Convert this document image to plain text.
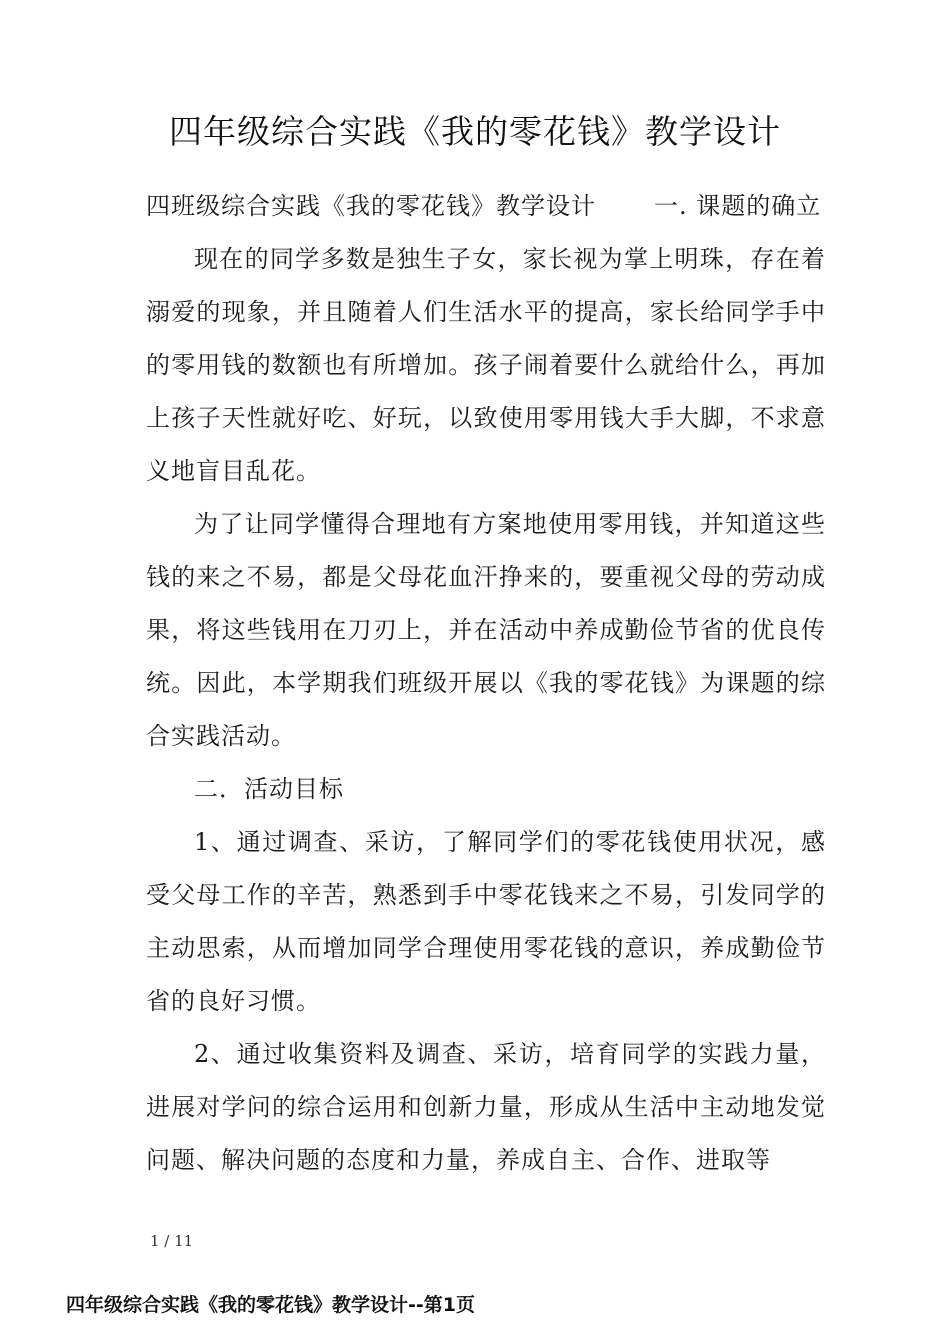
四年级综合实践《我的零花钱》教学设计

四班级综合实践《我的零花钱》教学设计 一. 课题的确立

现在的同学多数是独生子女，家长视为掌上明珠，存在着溺爱的现象，并且随着人们生活水平的提高，家长给同学手中的零用钱的数额也有所增加。孩子闹着要什么就给什么，再加上孩子天性就好吃、好玩，以致使用零用钱大手大脚，不求意义地盲目乱花。

为了让同学懂得合理地有方案地使用零用钱，并知道这些钱的来之不易，都是父母花血汗挣来的，要重视父母的劳动成果，将这些钱用在刀刃上，并在活动中养成勤俭节省的优良传统。因此，本学期我们班级开展以《我的零花钱》为课题的综合实践活动。

二．活动目标

1、通过调查、采访，了解同学们的零花钱使用状况，感受父母工作的辛苦，熟悉到手中零花钱来之不易，引发同学的主动思索，从而增加同学合理使用零花钱的意识，养成勤俭节省的良好习惯。

2、通过收集资料及调查、采访，培育同学的实践力量，进展对学问的综合运用和创新力量，形成从生活中主动地发觉问题、解决问题的态度和力量，养成自主、合作、进取等

1 / 11
四年级综合实践《我的零花钱》教学设计--第1页
